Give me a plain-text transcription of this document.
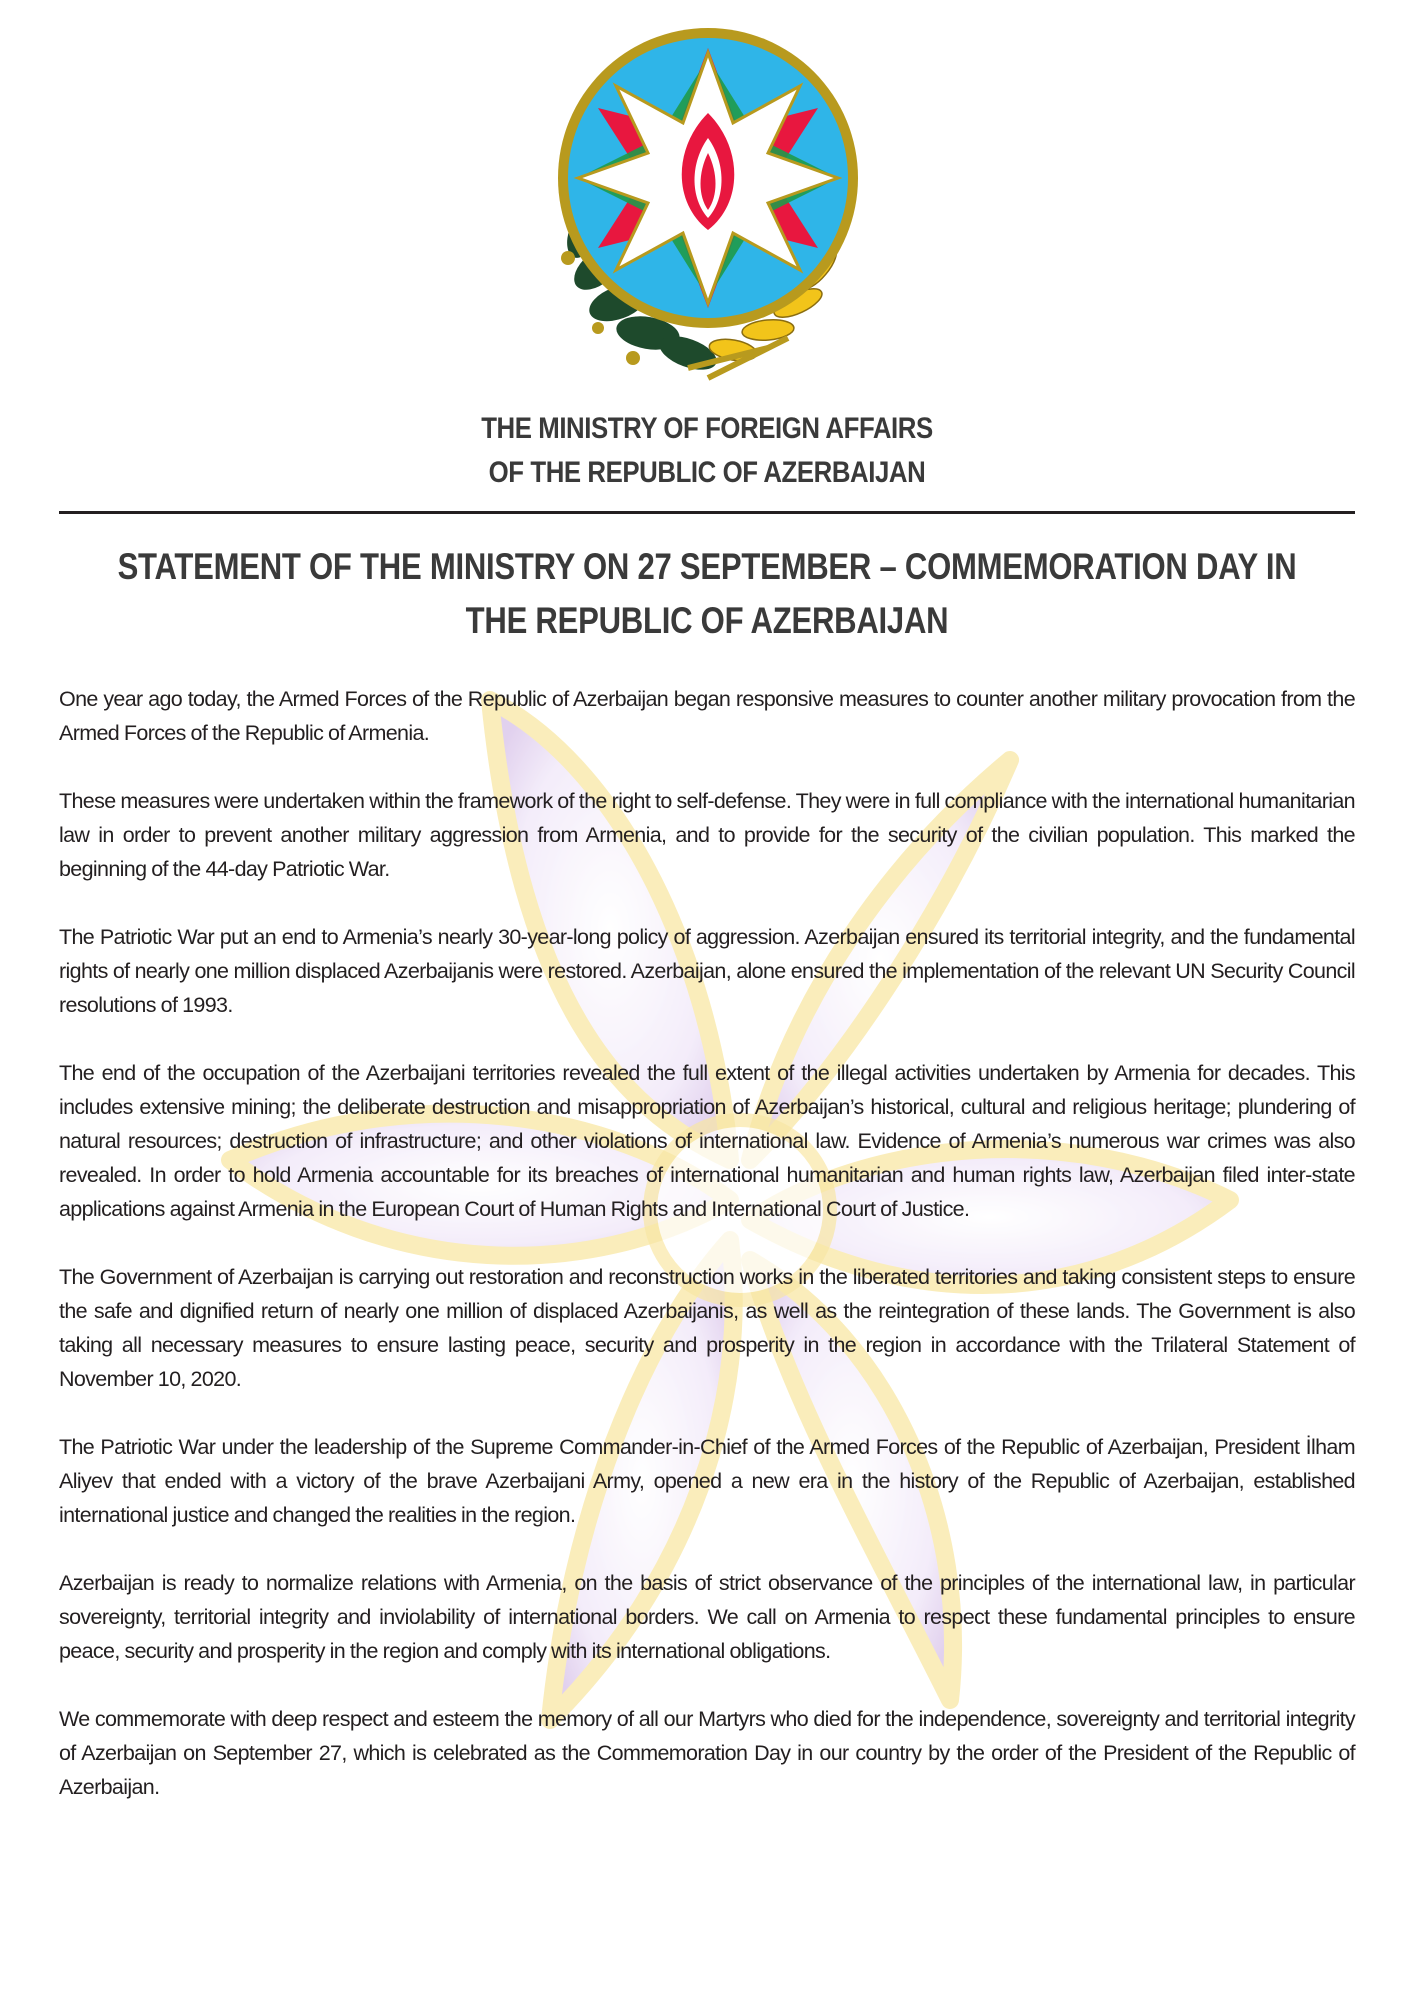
THE MINISTRY OF FOREIGN AFFAIRS
OF THE REPUBLIC OF AZERBAIJAN
STATEMENT OF THE MINISTRY ON 27 SEPTEMBER – COMMEMORATION DAY IN
THE REPUBLIC OF AZERBAIJAN

One year ago today, the Armed Forces of the Republic of Azerbaijan began responsive measures to counter another military provocation from the Armed Forces of the Republic of Armenia.

These measures were undertaken within the framework of the right to self-defense. They were in full compliance with the international humanitarian law in order to prevent another military aggression from Armenia, and to provide for the security of the civilian population. This marked the beginning of the 44-day Patriotic War.

The Patriotic War put an end to Armenia’s nearly 30-year-long policy of aggression. Azerbaijan ensured its territorial integrity, and the fundamental rights of nearly one million displaced Azerbaijanis were restored. Azerbaijan, alone ensured the implementation of the relevant UN Security Council resolutions of 1993.

The end of the occupation of the Azerbaijani territories revealed the full extent of the illegal activities undertaken by Armenia for decades. This includes extensive mining; the deliberate destruction and misappropriation of Azerbaijan’s historical, cultural and religious heritage; plundering of natural resources; destruction of infrastructure; and other violations of international law. Evidence of Armenia’s numerous war crimes was also revealed. In order to hold Armenia accountable for its breaches of international humanitarian and human rights law, Azerbaijan filed inter-state applications against Armenia in the European Court of Human Rights and International Court of Justice.

The Government of Azerbaijan is carrying out restoration and reconstruction works in the liberated territories and taking consistent steps to ensure the safe and dignified return of nearly one million of displaced Azerbaijanis, as well as the reintegration of these lands. The Government is also taking all necessary measures to ensure lasting peace, security and prosperity in the region in accordance with the Trilateral Statement of November 10, 2020.

The Patriotic War under the leadership of the Supreme Commander-in-Chief of the Armed Forces of the Republic of Azerbaijan, President İlham Aliyev that ended with a victory of the brave Azerbaijani Army, opened a new era in the history of the Republic of Azerbaijan, established international justice and changed the realities in the region.

Azerbaijan is ready to normalize relations with Armenia, on the basis of strict observance of the principles of the international law, in particular sovereignty, territorial integrity and inviolability of international borders. We call on Armenia to respect these fundamental principles to ensure peace, security and prosperity in the region and comply with its international obligations.

We commemorate with deep respect and esteem the memory of all our Martyrs who died for the independence, sovereignty and territorial integrity of Azerbaijan on September 27, which is celebrated as the Commemoration Day in our country by the order of the President of the Republic of Azerbaijan.
